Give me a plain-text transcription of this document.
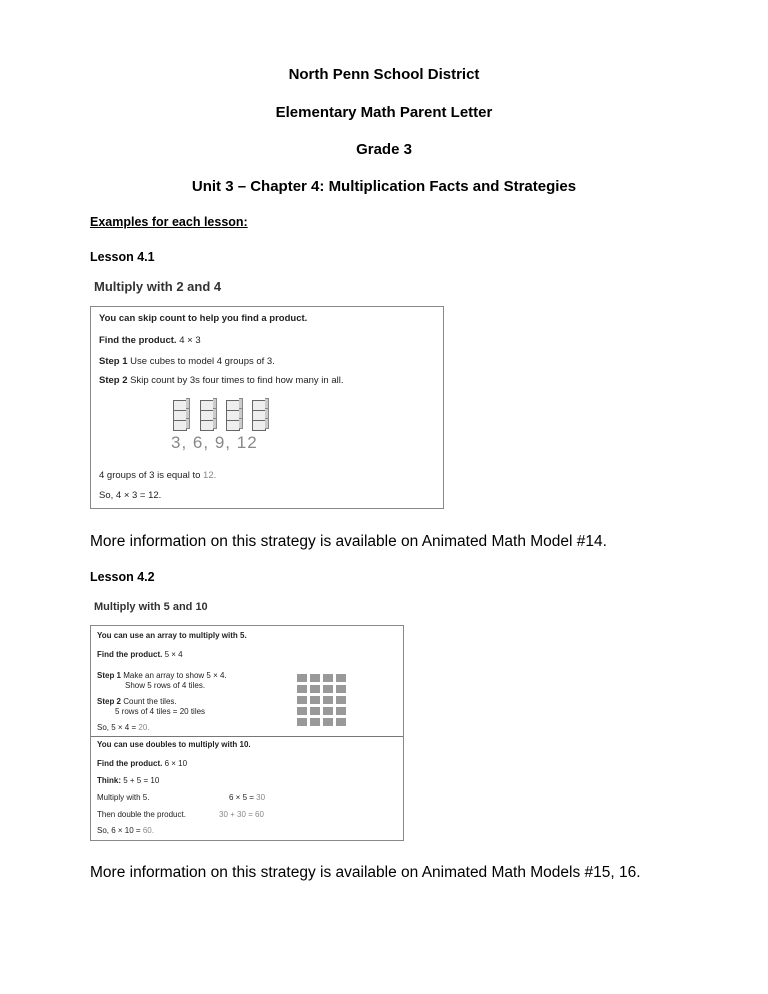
North Penn School District
Elementary Math Parent Letter
Grade 3
Unit 3 – Chapter 4: Multiplication Facts and Strategies
Examples for each lesson:
Lesson 4.1
Multiply with 2 and 4
You can skip count to help you find a product.
Find the product. 4 × 3
Step 1 Use cubes to model 4 groups of 3.
Step 2 Skip count by 3s four times to find how many in all.
3, 6, 9, 12
4 groups of 3 is equal to 12.
So, 4 × 3 = 12.
More information on this strategy is available on Animated Math Model #14.
Lesson 4.2
Multiply with 5 and 10
You can use an array to multiply with 5.
Find the product. 5 × 4
Step 1 Make an array to show 5 × 4.
Show 5 rows of 4 tiles.
Step 2 Count the tiles.
5 rows of 4 tiles = 20 tiles
So, 5 × 4 = 20.
You can use doubles to multiply with 10.
Find the product. 6 × 10
Think: 5 + 5 = 10
Multiply with 5.	6 × 5 = 30
Then double the product.	30 + 30 = 60
So, 6 × 10 = 60.
More information on this strategy is available on Animated Math Models #15, 16.
